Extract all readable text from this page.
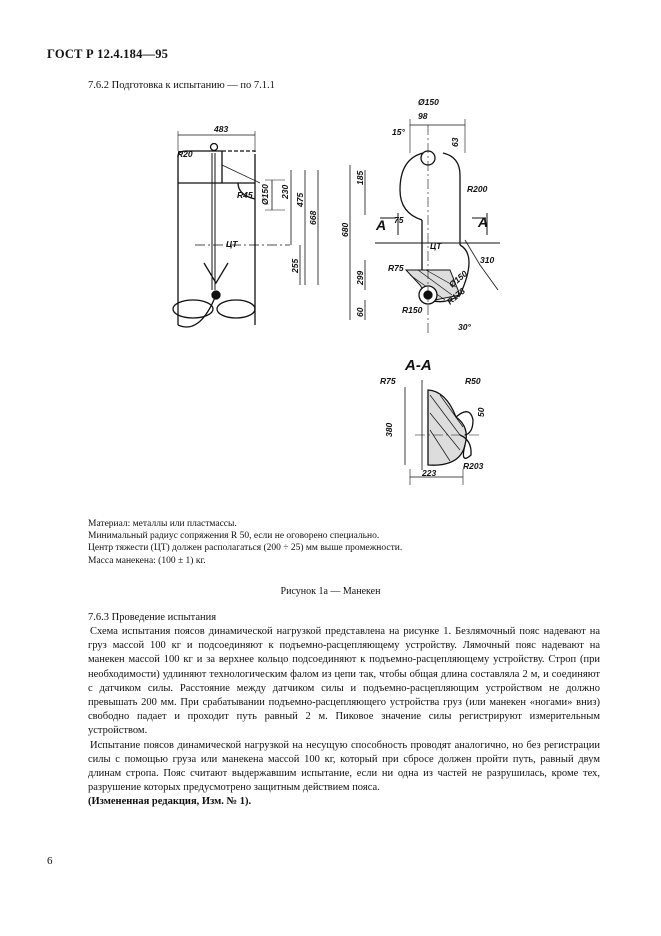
ГОСТ Р 12.4.184—95
7.6.2 Подготовка к испытанию — по 7.1.1
483
R20
R45 Ø150 230
475
668
255
ЦТ
Ø150
98
15°
63
R200
185
75
680 A	A
ЦТ
R75
310
299	Ø150
R178
R150
60
30°
А-А
R75	R50
50
380
R203
223
Материал: металлы или пластмассы.
Минимальный радиус сопряжения R 50, если не оговорено специально.
Центр тяжести (ЦТ) должен располагаться (200 ÷ 25) мм выше промежности.
Масса манекена: (100 ± 1) кг.
Рисунок 1а — Манекен
7.6.3 Проведение испытания

Схема испытания поясов динамической нагрузкой представлена на рисунке 1. Безлямочный пояс надевают на груз массой 100 кг и подсоединяют к подъемно-расцепляющему устройству. Лямочный пояс надевают на манекен массой 100 кг и за верхнее кольцо подсоединяют к подъемно-расцепляющему устройству. Строп (при необходимости) удлиняют технологическим фалом из цепи так, чтобы общая длина составляла 2 м, и соединяют с датчиком силы. Расстояние между датчиком силы и подъемно-расцепляющим устройством не должно превышать 200 мм. При срабатывании подъемно-расцепляющего устройства груз (или манекен «ногами» вниз) свободно падает и проходит путь равный 2 м. Пиковое значение силы регистрируют измерительным устройством.

Испытание поясов динамической нагрузкой на несущую способность проводят аналогично, но без регистрации силы с помощью груза или манекена массой 100 кг, который при сбросе должен пройти путь, равный двум длинам стропа. Пояс считают выдержавшим испытание, если ни одна из частей не разрушилась, кроме тех, разрушение которых предусмотрено защитным действием пояса.

(Измененная редакция, Изм. № 1).

6
